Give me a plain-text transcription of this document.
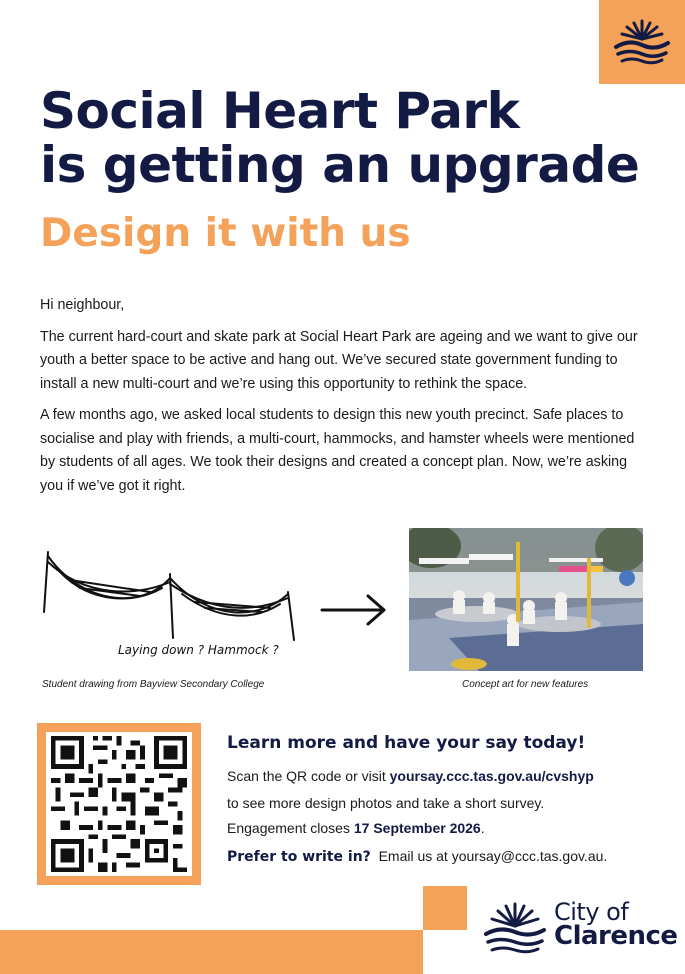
Social Heart Park
is getting an upgrade
Design it with us

Hi neighbour,

The current hard-court and skate park at Social Heart Park are ageing and we want to give our youth a better space to be active and hang out. We’ve secured state government funding to install a new multi-court and we’re using this opportunity to rethink the space.

A few months ago, we asked local students to design this new youth precinct. Safe places to socialise and play with friends, a multi-court, hammocks, and hamster wheels were mentioned by students of all ages. We took their designs and created a concept plan. Now, we’re asking you if we’ve got it right.

Laying down ? Hammock ?
Student drawing from Bayview Secondary College	Concept art for new features
Learn more and have your say today!
Scan the QR code or visit yoursay.ccc.tas.gov.au/cvshyp
to see more design photos and take a short survey.
Engagement closes 17 September 2026.
Prefer to write in? Email us at yoursay@ccc.tas.gov.au.
City of
Clarence
